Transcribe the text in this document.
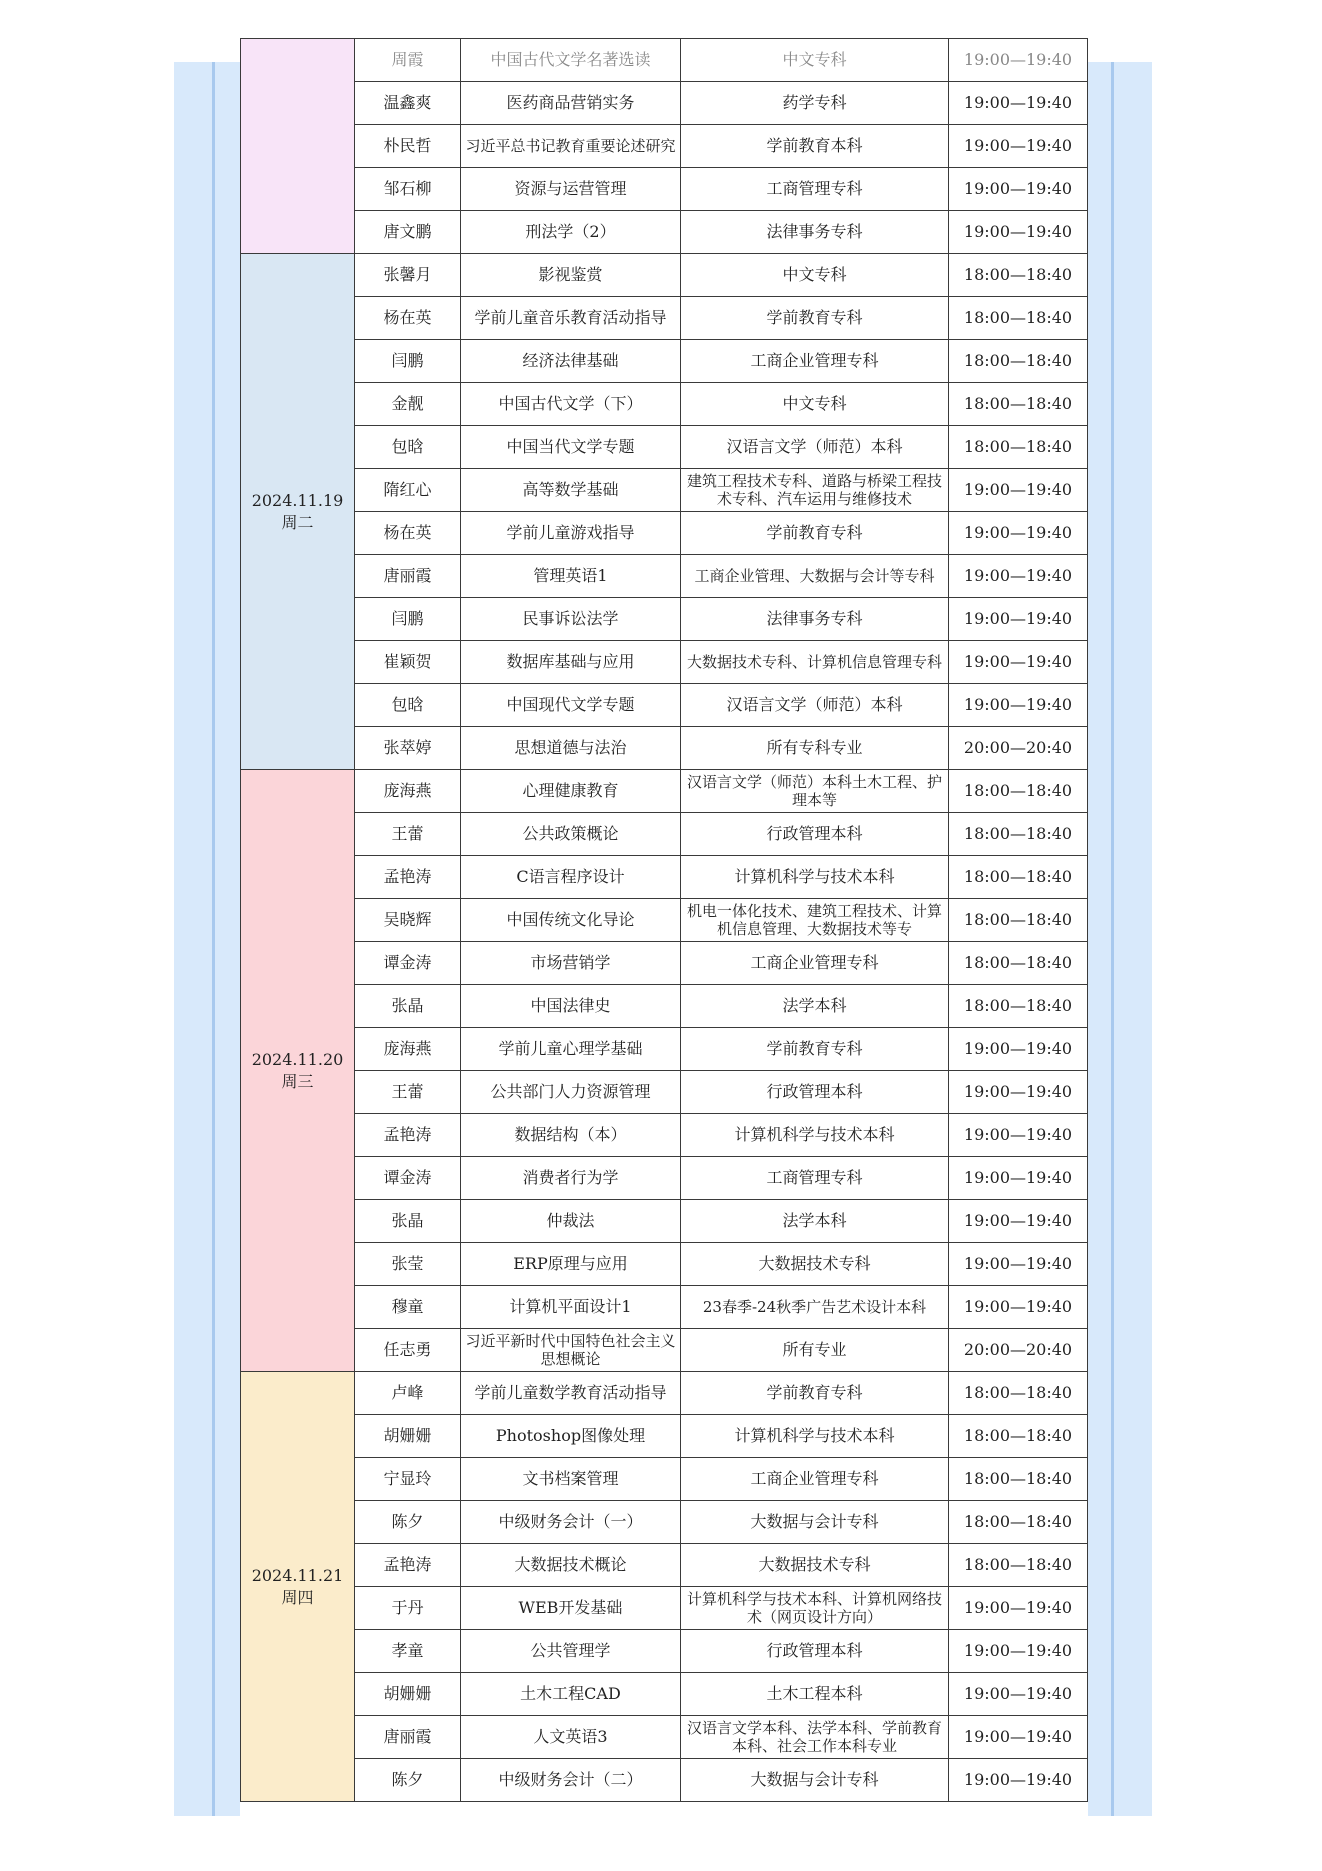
	周霞	中国古代文学名著选读	中文专科	19:00—19:40
	温鑫爽	医药商品营销实务	药学专科	19:00—19:40
	朴民哲	习近平总书记教育重要论述研究	学前教育本科	19:00—19:40
	邹石柳	资源与运营管理	工商管理专科	19:00—19:40
	唐文鹏	刑法学（2）	法律事务专科	19:00—19:40

2024.11.19
周二	张馨月	影视鉴赏	中文专科	18:00—18:40
	杨在英	学前儿童音乐教育活动指导	学前教育专科	18:00—18:40
	闫鹏	经济法律基础	工商企业管理专科	18:00—18:40
	金靓	中国古代文学（下）	中文专科	18:00—18:40
	包晗	中国当代文学专题	汉语言文学（师范）本科	18:00—18:40
	隋红心	高等数学基础	建筑工程技术专科、道路与桥梁工程技术专科、汽车运用与维修技术	19:00—19:40
	杨在英	学前儿童游戏指导	学前教育专科	19:00—19:40
	唐丽霞	管理英语1	工商企业管理、大数据与会计等专科	19:00—19:40
	闫鹏	民事诉讼法学	法律事务专科	19:00—19:40
	崔颖贺	数据库基础与应用	大数据技术专科、计算机信息管理专科	19:00—19:40
	包晗	中国现代文学专题	汉语言文学（师范）本科	19:00—19:40
	张萃婷	思想道德与法治	所有专科专业	20:00—20:40

2024.11.20
周三	庞海燕	心理健康教育	汉语言文学（师范）本科土木工程、护理本等	18:00—18:40
	王蕾	公共政策概论	行政管理本科	18:00—18:40
	孟艳涛	C语言程序设计	计算机科学与技术本科	18:00—18:40
	吴晓辉	中国传统文化导论	机电一体化技术、建筑工程技术、计算机信息管理、大数据技术等专	18:00—18:40
	谭金涛	市场营销学	工商企业管理专科	18:00—18:40
	张晶	中国法律史	法学本科	18:00—18:40
	庞海燕	学前儿童心理学基础	学前教育专科	19:00—19:40
	王蕾	公共部门人力资源管理	行政管理本科	19:00—19:40
	孟艳涛	数据结构（本）	计算机科学与技术本科	19:00—19:40
	谭金涛	消费者行为学	工商管理专科	19:00—19:40
	张晶	仲裁法	法学本科	19:00—19:40
	张莹	ERP原理与应用	大数据技术专科	19:00—19:40
	穆童	计算机平面设计1	23春季-24秋季广告艺术设计本科	19:00—19:40
	任志勇	习近平新时代中国特色社会主义思想概论	所有专业	20:00—20:40

2024.11.21
周四	卢峰	学前儿童数学教育活动指导	学前教育专科	18:00—18:40
	胡姗姗	Photoshop图像处理	计算机科学与技术本科	18:00—18:40
	宁显玲	文书档案管理	工商企业管理专科	18:00—18:40
	陈夕	中级财务会计（一）	大数据与会计专科	18:00—18:40
	孟艳涛	大数据技术概论	大数据技术专科	18:00—18:40
	于丹	WEB开发基础	计算机科学与技术本科、计算机网络技术（网页设计方向）	19:00—19:40
	孝童	公共管理学	行政管理本科	19:00—19:40
	胡姗姗	土木工程CAD	土木工程本科	19:00—19:40
	唐丽霞	人文英语3	汉语言文学本科、法学本科、学前教育本科、社会工作本科专业	19:00—19:40
	陈夕	中级财务会计（二）	大数据与会计专科	19:00—19:40
